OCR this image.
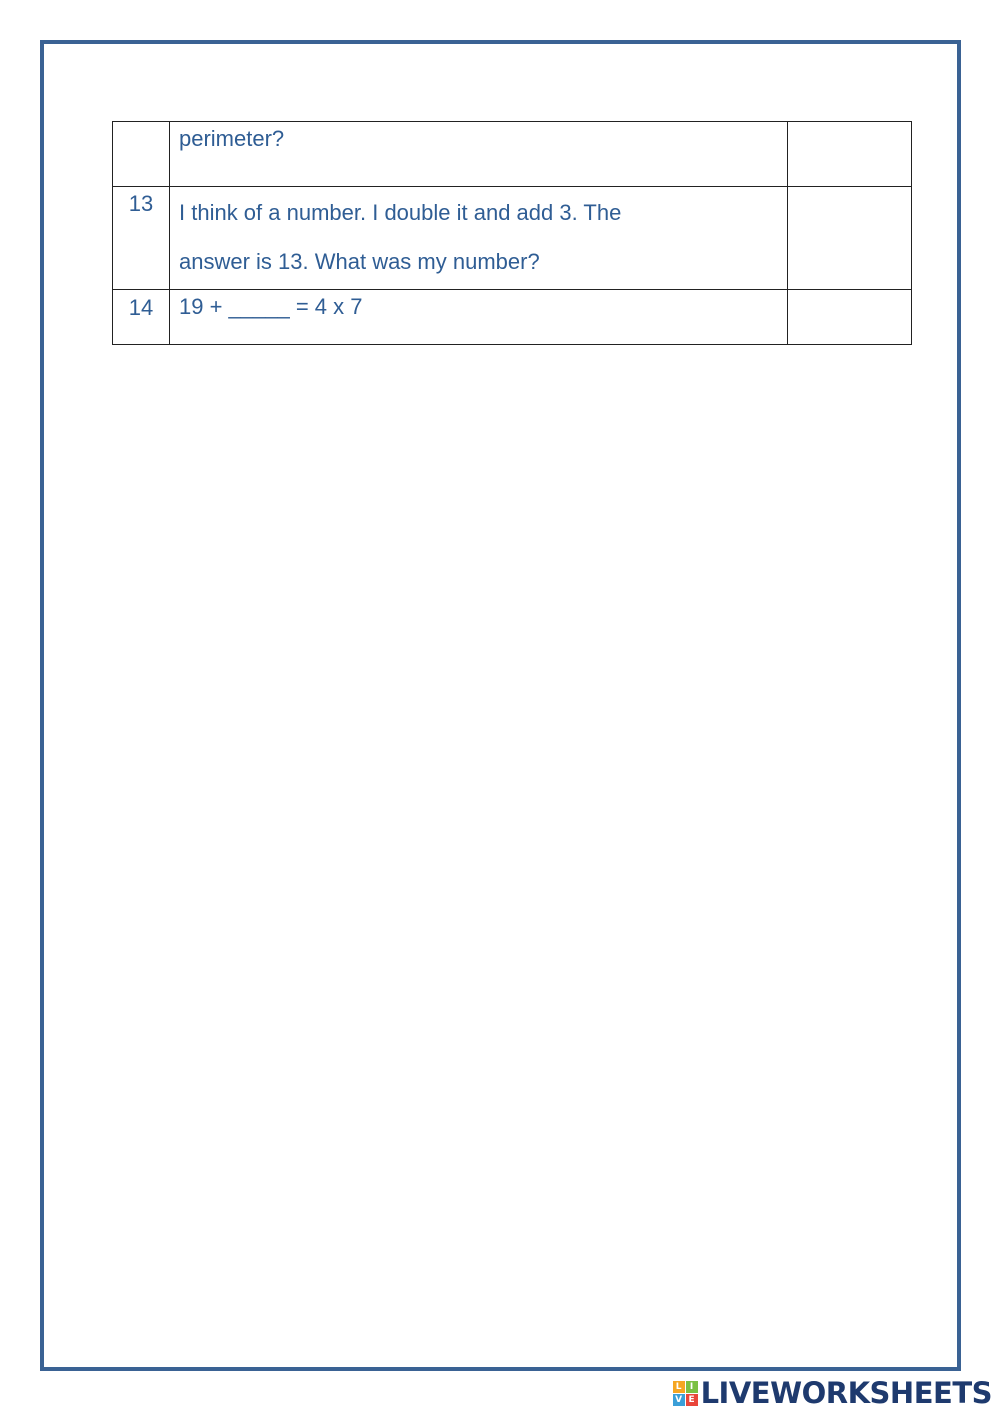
	perimeter?	

13	I think of a number. I double it and add 3. The
answer is 13. What was my number?	

14	19 + _____ = 4 x 7	

L I
V E LIVEWORKSHEETS
